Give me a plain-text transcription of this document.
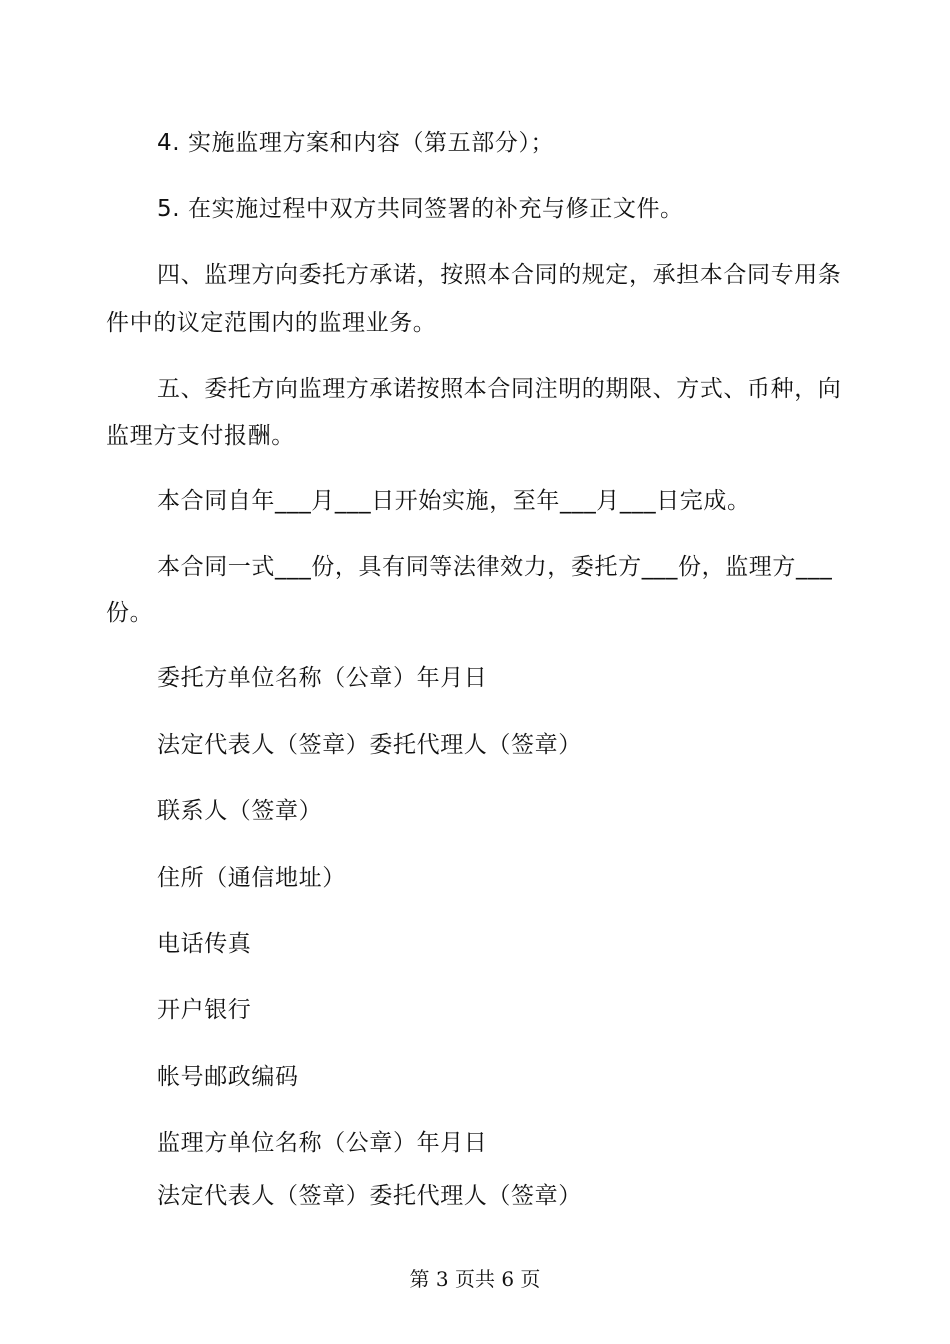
4. 实施监理方案和内容（第五部分）；
5. 在实施过程中双方共同签署的补充与修正文件。
四、监理方向委托方承诺，按照本合同的规定，承担本合同专用条
件中的议定范围内的监理业务。
五、委托方向监理方承诺按照本合同注明的期限、方式、币种，向
监理方支付报酬。
本合同自年___月___日开始实施，至年___月___日完成。
本合同一式___份，具有同等法律效力，委托方___份，监理方___
份。
委托方单位名称（公章）年月日
法定代表人（签章）委托代理人（签章）
联系人（签章）
住所（通信地址）
电话传真
开户银行
帐号邮政编码
监理方单位名称（公章）年月日
法定代表人（签章）委托代理人（签章）
第 3 页共 6 页
